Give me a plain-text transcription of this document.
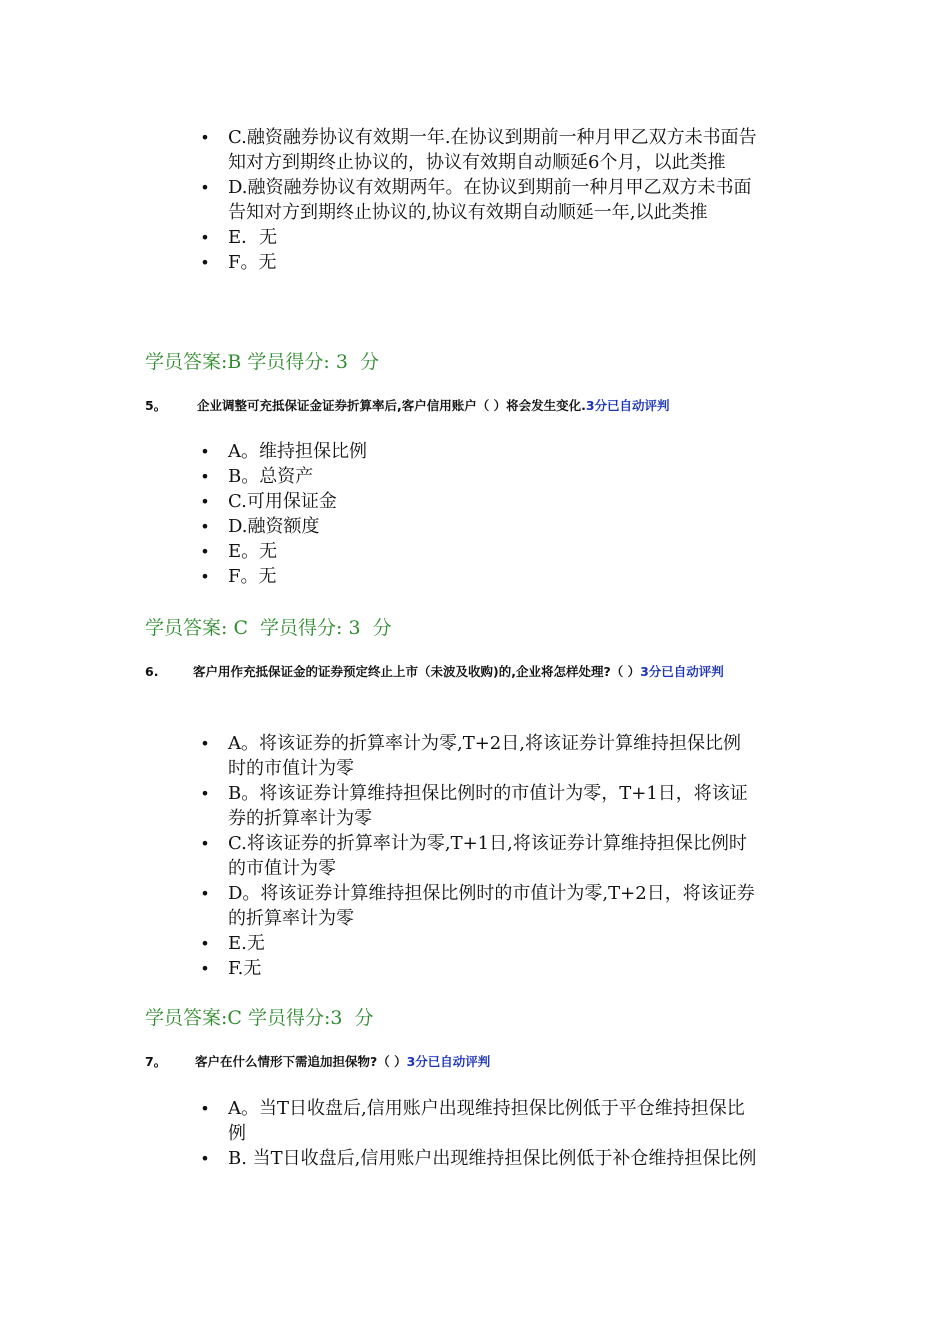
• C.融资融券协议有效期一年.在协议到期前一种月甲乙双方未书面告知对方到期终止协议的，协议有效期自动顺延6个月，以此类推
• D.融资融券协议有效期两年。在协议到期前一种月甲乙双方未书面告知对方到期终止协议的,协议有效期自动顺延一年,以此类推
• E．无
• F。无
学员答案:B 学员得分: 3  分
5。 企业调整可充抵保证金证券折算率后,客户信用账户（ ）将会发生变化.3分已自动评判
• A。维持担保比例
• B。总资产
• C.可用保证金
• D.融资额度
• E。无
• F。无
学员答案: C  学员得分: 3  分
6.	客户用作充抵保证金的证券预定终止上市（未波及收购)的,企业将怎样处理?（ ）3分已自动评判
• A。将该证券的折算率计为零,T+2日,将该证券计算维持担保比例时的市值计为零
• B。将该证券计算维持担保比例时的市值计为零，T+1日，将该证券的折算率计为零
• C.将该证券的折算率计为零,T+1日,将该证券计算维持担保比例时的市值计为零
• D。将该证券计算维持担保比例时的市值计为零,T+2日，将该证券的折算率计为零
• E.无
• F.无
学员答案:C 学员得分:3  分
7。 客户在什么情形下需追加担保物?（ ）3分已自动评判
• A。当T日收盘后,信用账户出现维持担保比例低于平仓维持担保比例
• B. 当T日收盘后,信用账户出现维持担保比例低于补仓维持担保比例
